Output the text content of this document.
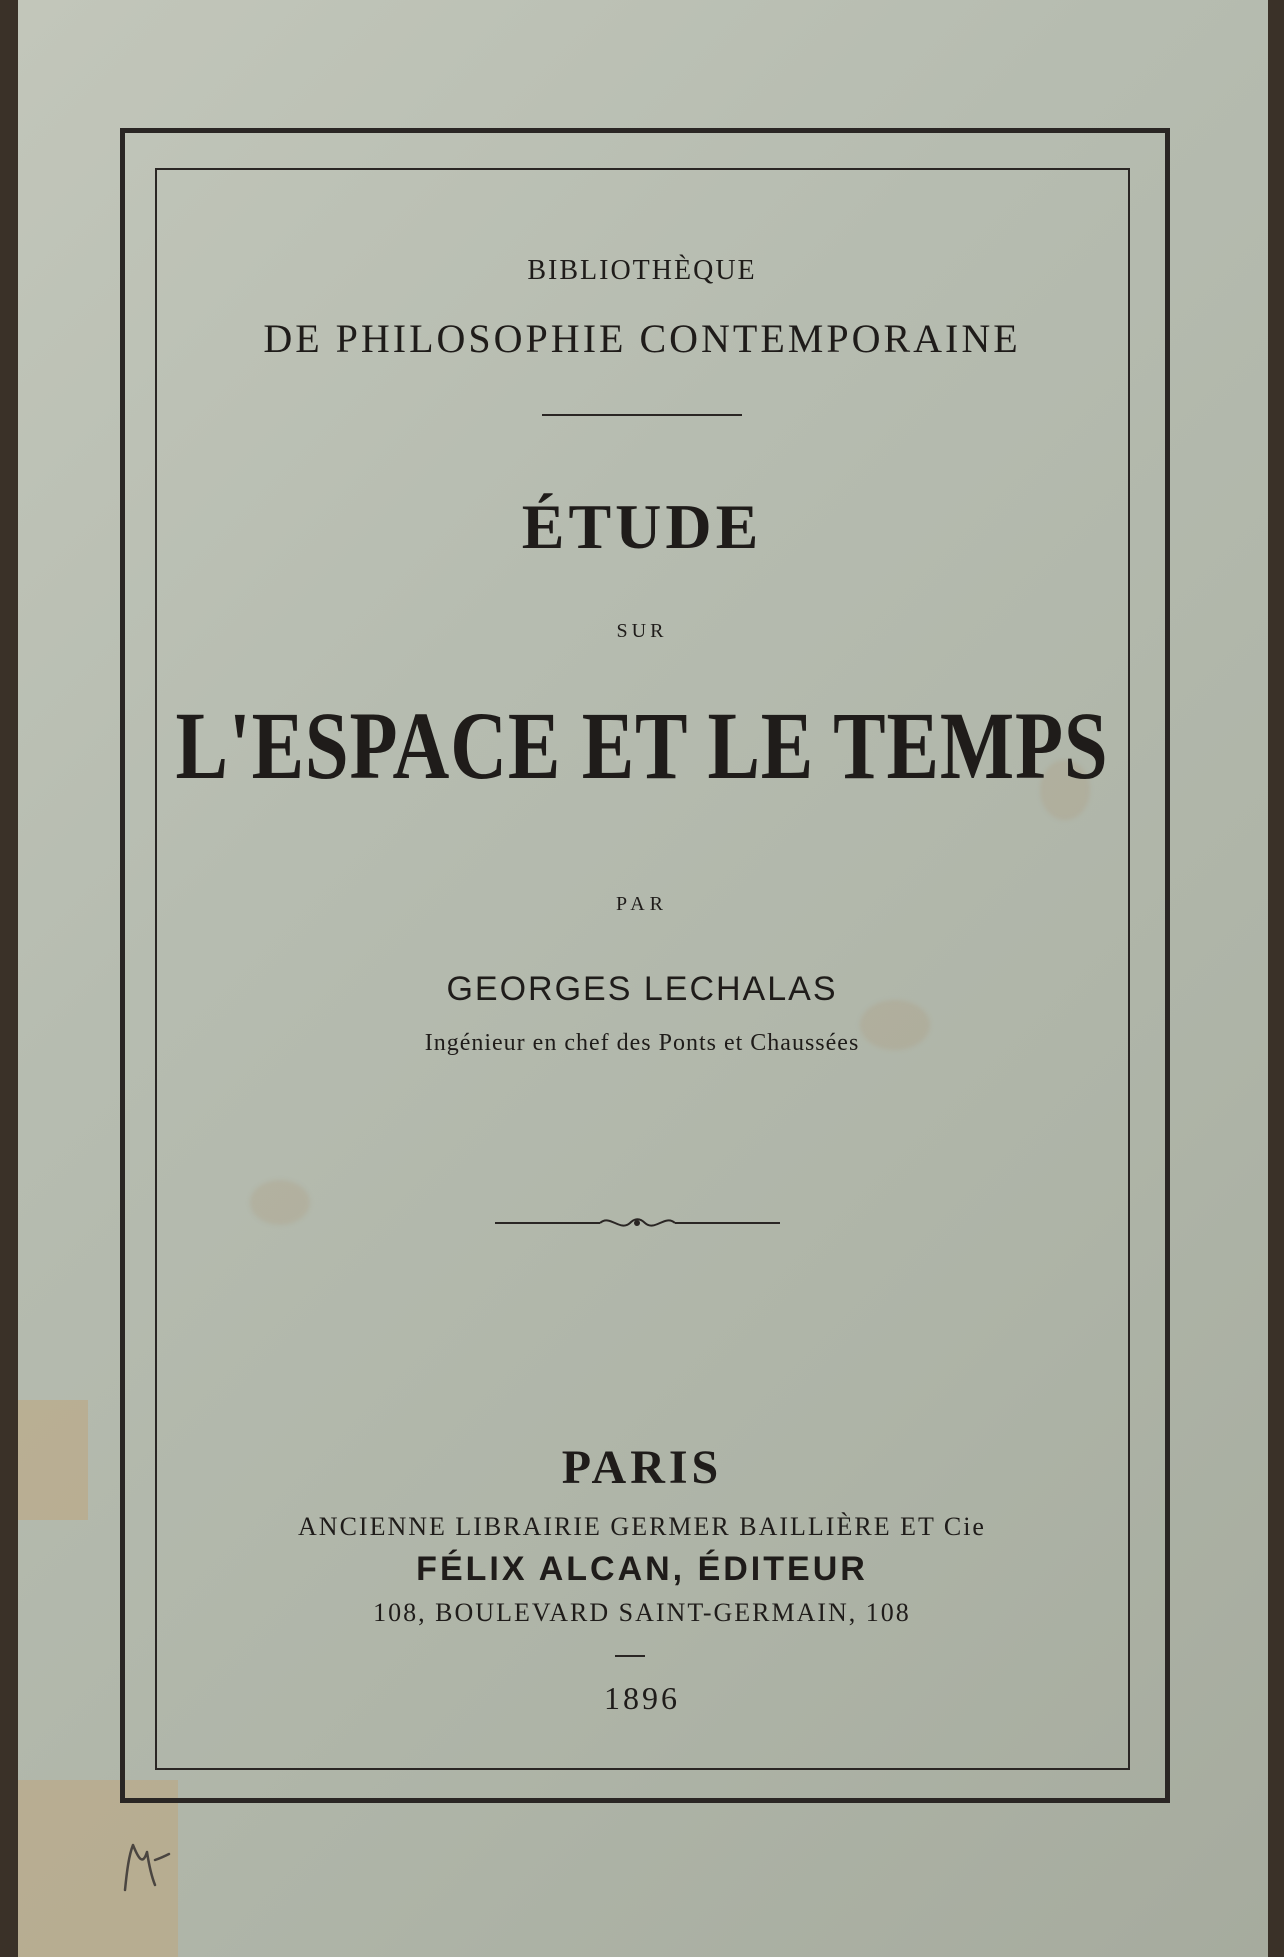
BIBLIOTHÈQUE
DE PHILOSOPHIE CONTEMPORAINE
ÉTUDE
SUR
L'ESPACE ET LE TEMPS
PAR
GEORGES LECHALAS
Ingénieur en chef des Ponts et Chaussées
PARIS
ANCIENNE LIBRAIRIE GERMER BAILLIÈRE ET Cie
FÉLIX ALCAN, ÉDITEUR
108, BOULEVARD SAINT-GERMAIN, 108
1896
